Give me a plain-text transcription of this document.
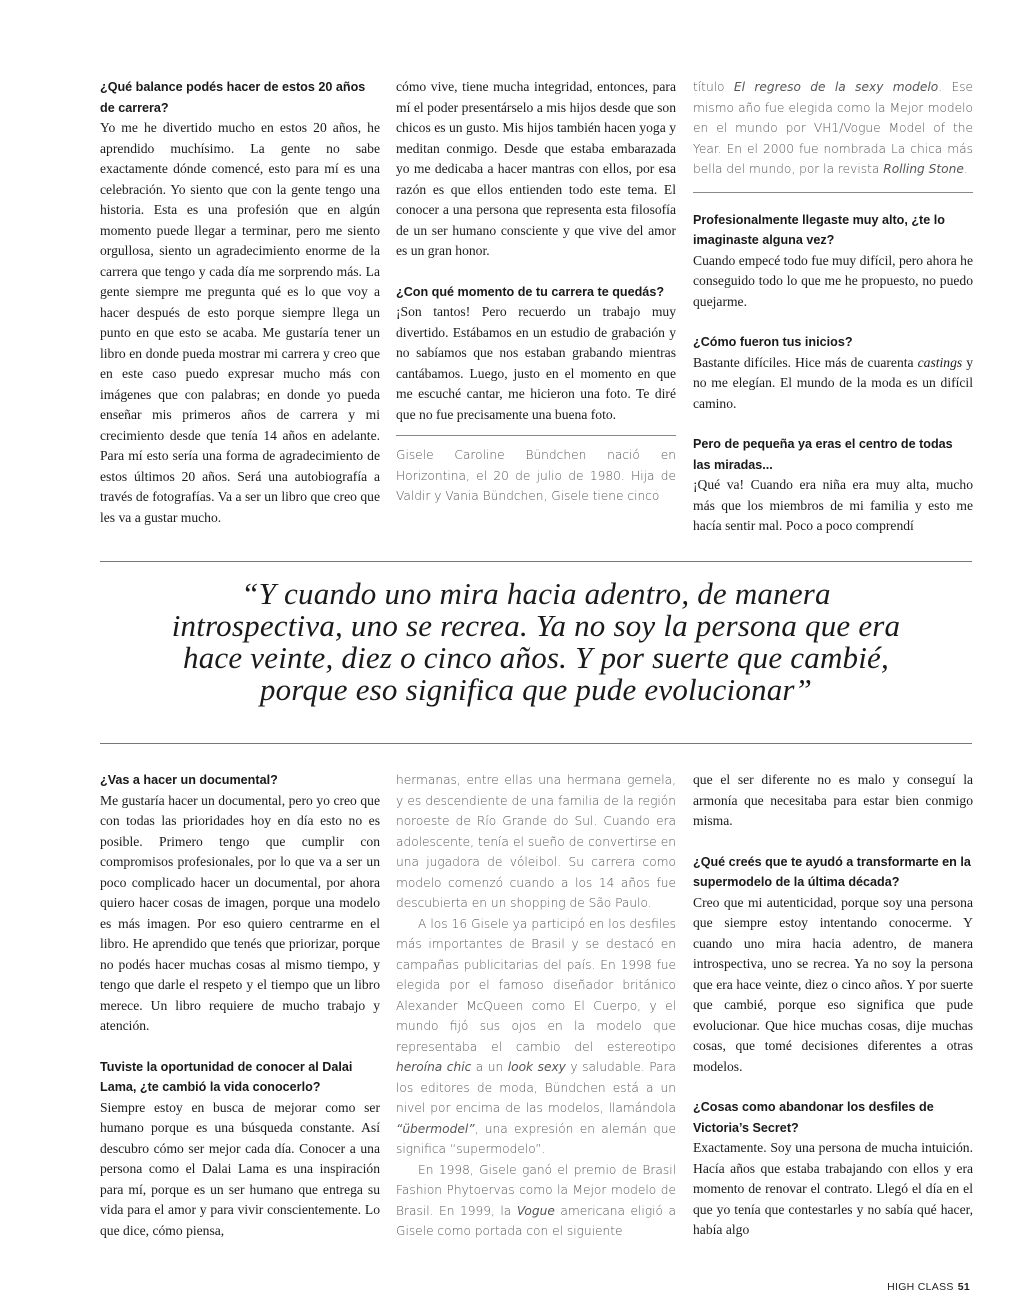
¿Qué balance podés hacer de estos 20 años de carrera?

Yo me he divertido mucho en estos 20 años, he aprendido muchísimo. La gente no sabe exactamente dónde comencé, esto para mí es una celebración. Yo siento que con la gente tengo una historia. Esta es una profesión que en algún momento puede llegar a terminar, pero me siento orgullosa, siento un agradecimiento enorme de la carrera que tengo y cada día me sorprendo más. La gente siempre me pregunta qué es lo que voy a hacer después de esto porque siempre llega un punto en que esto se acaba. Me gustaría tener un libro en donde pueda mostrar mi carrera y creo que en este caso puedo expresar mucho más con imágenes que con palabras; en donde yo pueda enseñar mis primeros años de carrera y mi crecimiento desde que tenía 14 años en adelante. Para mí esto sería una forma de agradecimiento de estos últimos 20 años. Será una autobiografía a través de fotografías. Va a ser un libro que creo que les va a gustar mucho.

cómo vive, tiene mucha integridad, entonces, para mí el poder presentárselo a mis hijos desde que son chicos es un gusto. Mis hijos también hacen yoga y meditan conmigo. Desde que estaba embarazada yo me dedicaba a hacer mantras con ellos, por esa razón es que ellos entienden todo este tema. El conocer a una persona que representa esta filosofía de un ser humano consciente y que vive del amor es un gran honor.

¿Con qué momento de tu carrera te quedás?

¡Son tantos! Pero recuerdo un trabajo muy divertido. Estábamos en un estudio de grabación y no sabíamos que nos estaban grabando mientras cantábamos. Luego, justo en el momento en que me escuché cantar, me hicieron una foto. Te diré que no fue precisamente una buena foto.

Gisele Caroline Bündchen nació en Horizontina, el 20 de julio de 1980. Hija de Valdir y Vania Bündchen, Gisele tiene cinco

título El regreso de la sexy modelo. Ese mismo año fue elegida como la Mejor modelo en el mundo por VH1/Vogue Model of the Year. En el 2000 fue nombrada La chica más bella del mundo, por la revista Rolling Stone.

Profesionalmente llegaste muy alto, ¿te lo imaginaste alguna vez?

Cuando empecé todo fue muy difícil, pero ahora he conseguido todo lo que me he propuesto, no puedo quejarme.

¿Cómo fueron tus inicios?

Bastante difíciles. Hice más de cuarenta castings y no me elegían. El mundo de la moda es un difícil camino.

Pero de pequeña ya eras el centro de todas las miradas...

¡Qué va! Cuando era niña era muy alta, mucho más que los miembros de mi familia y esto me hacía sentir mal. Poco a poco comprendí

“Y cuando uno mira hacia adentro, de manera
introspectiva, uno se recrea. Ya no soy la persona que era
hace veinte, diez o cinco años. Y por suerte que cambié,
porque eso significa que pude evolucionar”

¿Vas a hacer un documental?

Me gustaría hacer un documental, pero yo creo que con todas las prioridades hoy en día esto no es posible. Primero tengo que cumplir con compromisos profesionales, por lo que va a ser un poco complicado hacer un documental, por ahora quiero hacer cosas de imagen, porque una modelo es más imagen. Por eso quiero centrarme en el libro. He aprendido que tenés que priorizar, porque no podés hacer muchas cosas al mismo tiempo, y tengo que darle el respeto y el tiempo que un libro merece. Un libro requiere de mucho trabajo y atención.

Tuviste la oportunidad de conocer al Dalai Lama, ¿te cambió la vida conocerlo?

Siempre estoy en busca de mejorar como ser humano porque es una búsqueda constante. Así descubro cómo ser mejor cada día. Conocer a una persona como el Dalai Lama es una inspiración para mí, porque es un ser humano que entrega su vida para el amor y para vivir conscientemente. Lo que dice, cómo piensa,

hermanas, entre ellas una hermana gemela, y es descendiente de una familia de la región noroeste de Río Grande do Sul. Cuando era adolescente, tenía el sueño de convertirse en una jugadora de vóleibol. Su carrera como modelo comenzó cuando a los 14 años fue descubierta en un shopping de São Paulo.

A los 16 Gisele ya participó en los desfiles más importantes de Brasil y se destacó en campañas publicitarias del país. En 1998 fue elegida por el famoso diseñador británico Alexander McQueen como El Cuerpo, y el mundo fijó sus ojos en la modelo que representaba el cambio del estereotipo heroína chic a un look sexy y saludable. Para los editores de moda, Bündchen está a un nivel por encima de las modelos, llamándola “übermodel”, una expresión en alemán que significa “supermodelo”.

En 1998, Gisele ganó el premio de Brasil Fashion Phytoervas como la Mejor modelo de Brasil. En 1999, la Vogue americana eligió a Gisele como portada con el siguiente

que el ser diferente no es malo y conseguí la armonía que necesitaba para estar bien conmigo misma.

¿Qué creés que te ayudó a transformarte en la supermodelo de la última década?

Creo que mi autenticidad, porque soy una persona que siempre estoy intentando conocerme. Y cuando uno mira hacia adentro, de manera introspectiva, uno se recrea. Ya no soy la persona que era hace veinte, diez o cinco años. Y por suerte que cambié, porque eso significa que pude evolucionar. Que hice muchas cosas, dije muchas cosas, que tomé decisiones diferentes a otras modelos.

¿Cosas como abandonar los desfiles de Victoria’s Secret?

Exactamente. Soy una persona de mucha intuición. Hacía años que estaba trabajando con ellos y era momento de renovar el contrato. Llegó el día en el que yo tenía que contestarles y no sabía qué hacer, había algo

HIGH CLASS 51
